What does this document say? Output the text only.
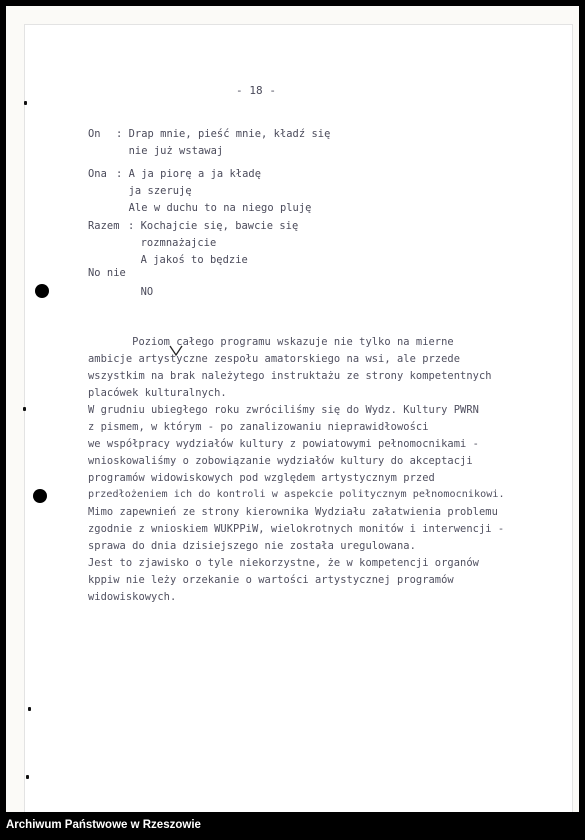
- 18 -
On
Ona
Razem
No nie
: Drap mnie, pieść mnie, kładź się
nie już wstawaj
: A ja piorę a ja kładę
ja szeruję
Ale w duchu to na niego pluję
: Kochajcie się, bawcie się
rozmnażajcie
A jakoś to będzie
NO
Poziom całego programu wskazuje nie tylko na mierne
ambicje artystyczne zespołu amatorskiego na wsi, ale przede
wszystkim na brak należytego instruktażu ze strony kompetentnych
placówek kulturalnych.
W grudniu ubiegłego roku zwróciliśmy się do Wydz. Kultury PWRN
z pismem, w którym - po zanalizowaniu nieprawidłowości
we współpracy wydziałów kultury z powiatowymi pełnomocnikami -
wnioskowaliśmy o zobowiązanie wydziałów kultury do akceptacji
programów widowiskowych pod względem artystycznym przed
przedłożeniem ich do kontroli w aspekcie politycznym pełnomocnikowi.
Mimo zapewnień ze strony kierownika Wydziału załatwienia problemu
zgodnie z wnioskiem WUKPPiW, wielokrotnych monitów i interwencji -
sprawa do dnia dzisiejszego nie została uregulowana.
Jest to zjawisko o tyle niekorzystne, że w kompetencji organów
kppiw nie leży orzekanie o wartości artystycznej programów
widowiskowych.
Archiwum Państwowe w Rzeszowie
